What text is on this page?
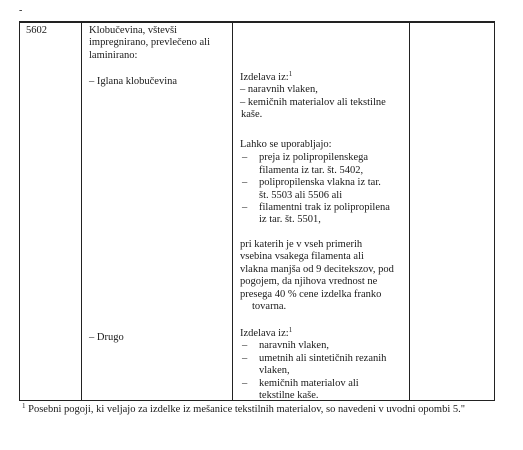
-
5602	Klobučevina, vštevši
impregnirano, prevlečeno ali
laminirano:
– Iglana klobučevina
– Drugo
Izdelava iz:$^1$
– naravnih vlaken,
– kemičnih materialov ali tekstilne
kaše.
Lahko se uporabljajo:
– preja iz polipropilenskega
filamenta iz tar. št. 5402,
– polipropilenska vlakna iz tar.
št. 5503 ali 5506 ali
– filamentni trak iz polipropilena
iz tar. št. 5501,
pri katerih je v vseh primerih
vsebina vsakega filamenta ali
vlakna manjša od 9 decitekszov, pod
pogojem, da njihova vrednost ne
presega 40 % cene izdelka franko
tovarna.
Izdelava iz:$^1$
– naravnih vlaken,
– umetnih ali sintetičnih rezanih
vlaken,
– kemičnih materialov ali
tekstilne kaše.
$^1$ Posebni pogoji, ki veljajo za izdelke iz mešanice tekstilnih materialov, so navedeni v uvodni opombi 5."
